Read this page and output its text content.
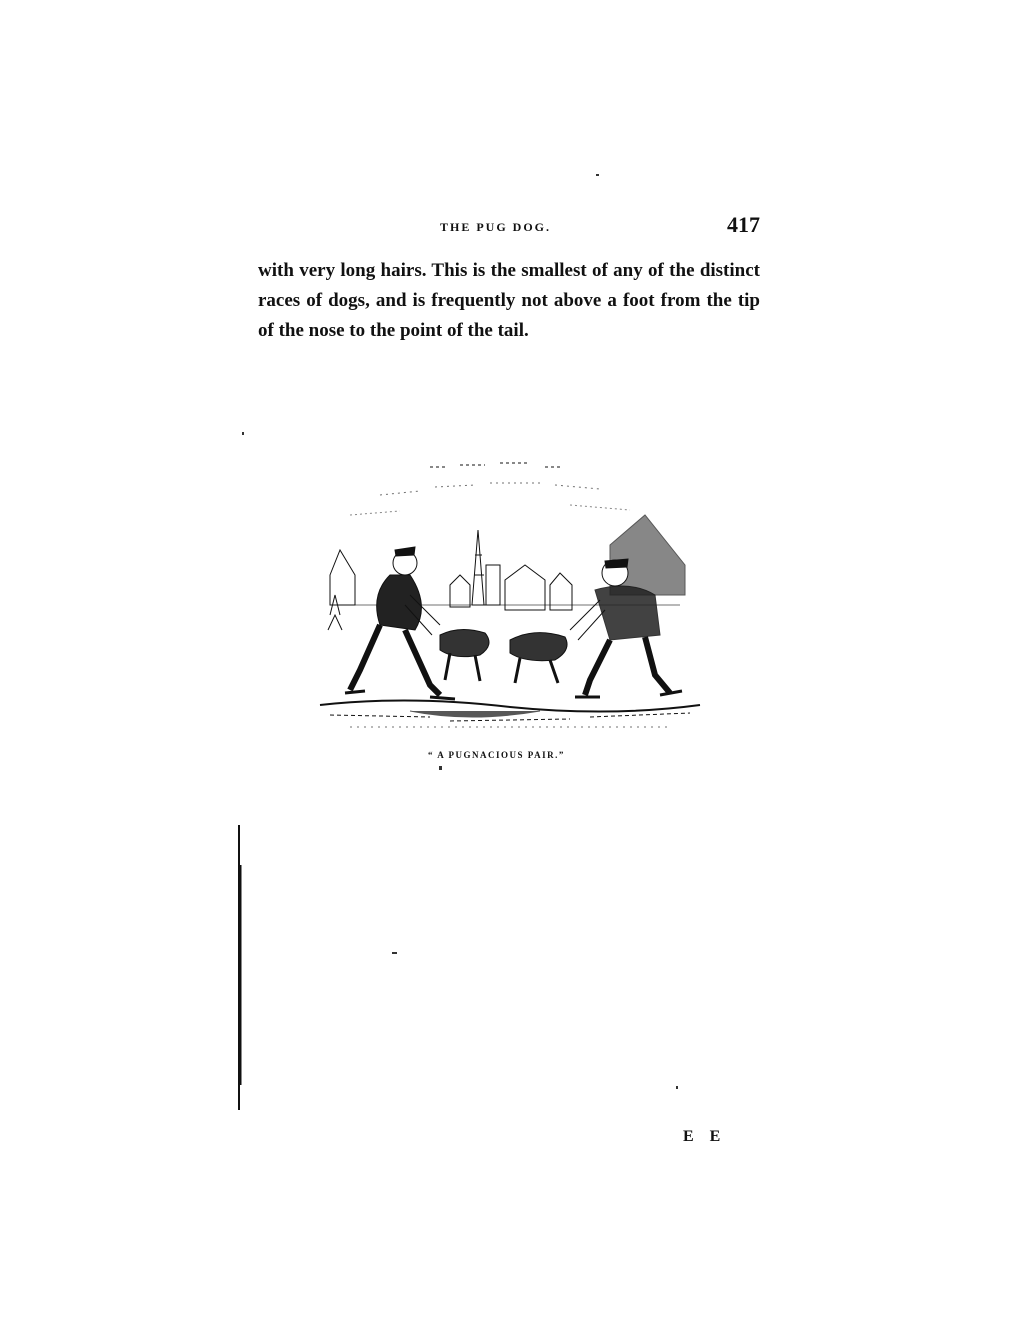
THE PUG DOG.	417
with very long hairs. This is the smallest of any of the distinct races of dogs, and is frequently not above a foot from the tip of the nose to the point of the tail.
“ A PUGNACIOUS PAIR.”
E E
